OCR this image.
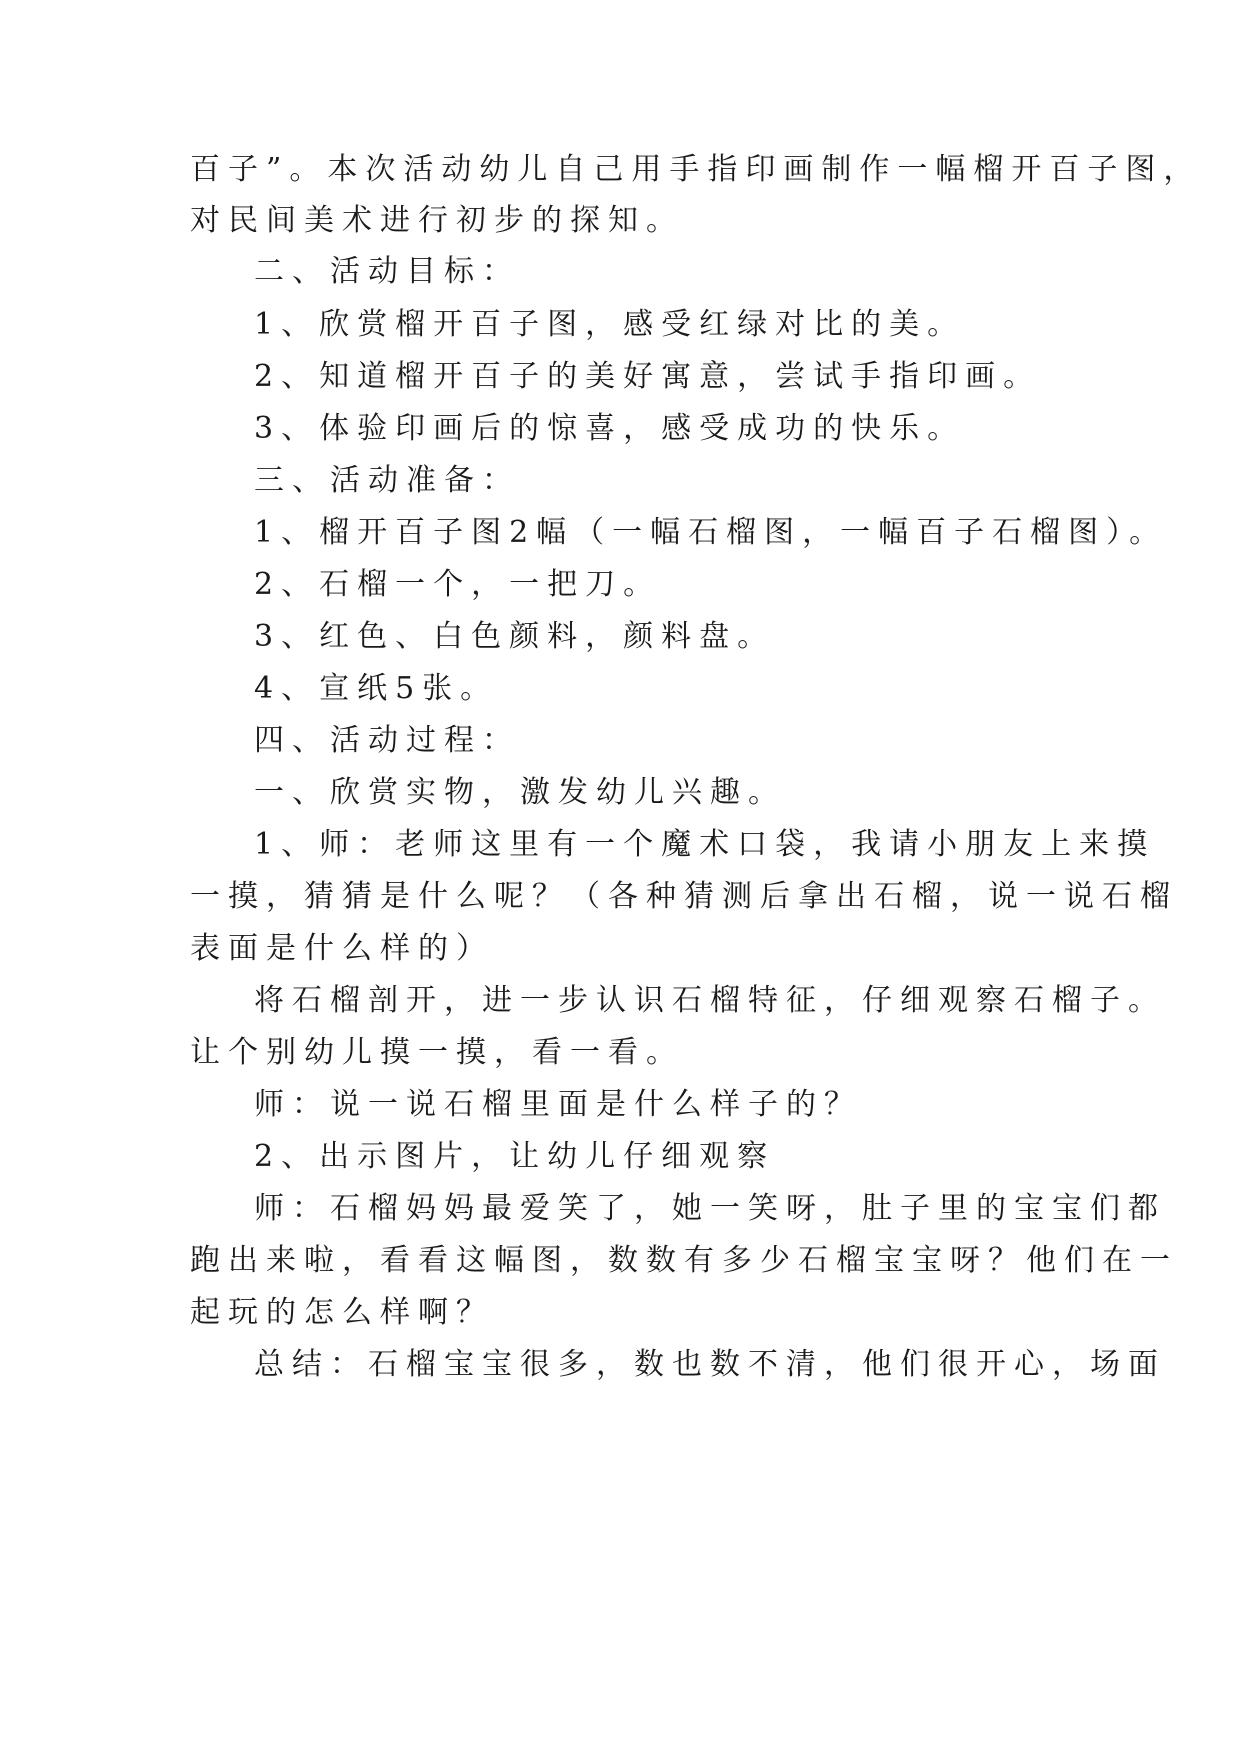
百子”。本次活动幼儿自己用手指印画制作一幅榴开百子图，
对民间美术进行初步的探知。
二、活动目标：
1、欣赏榴开百子图，感受红绿对比的美。
2、知道榴开百子的美好寓意，尝试手指印画。
3、体验印画后的惊喜，感受成功的快乐。
三、活动准备：
1、榴开百子图2幅（一幅石榴图，一幅百子石榴图）。
2、石榴一个，一把刀。
3、红色、白色颜料，颜料盘。
4、宣纸5张。
四、活动过程：
一、欣赏实物，激发幼儿兴趣。
1、师：老师这里有一个魔术口袋，我请小朋友上来摸
一摸，猜猜是什么呢？（各种猜测后拿出石榴，说一说石榴
表面是什么样的）
将石榴剖开，进一步认识石榴特征，仔细观察石榴子。
让个别幼儿摸一摸，看一看。
师：说一说石榴里面是什么样子的？
2、出示图片，让幼儿仔细观察
师：石榴妈妈最爱笑了，她一笑呀，肚子里的宝宝们都
跑出来啦，看看这幅图，数数有多少石榴宝宝呀？他们在一
起玩的怎么样啊？
总结：石榴宝宝很多，数也数不清，他们很开心，场面
